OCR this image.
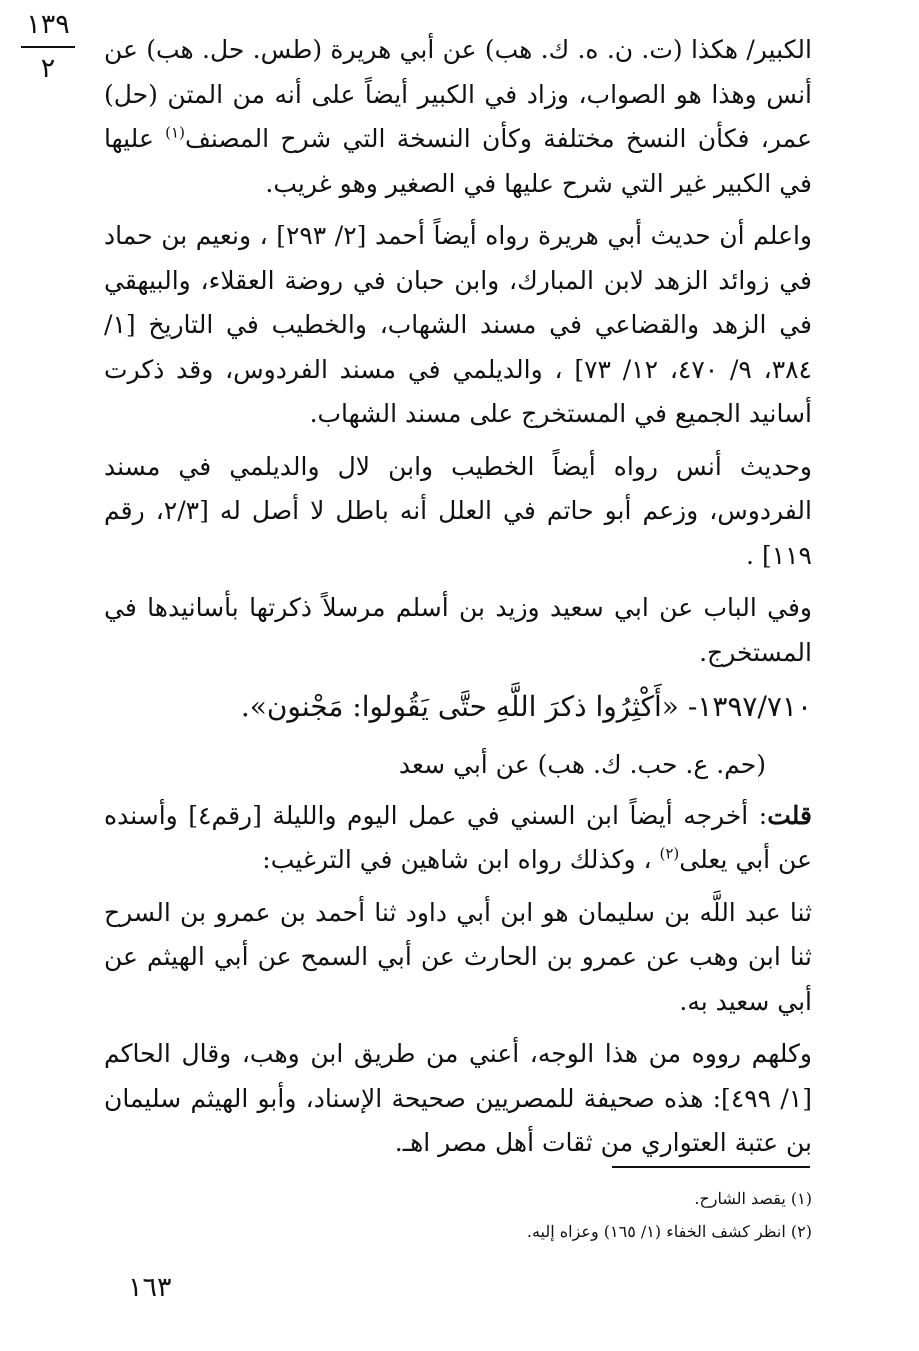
١٣٩
٢

الكبير/ هكذا (ت. ن. ه. ك. هب) عن أبي هريرة (طس. حل. هب) عن أنس وهذا هو الصواب، وزاد في الكبير أيضاً على أنه من المتن (حل) عمر، فكأن النسخ مختلفة وكأن النسخة التي شرح المصنف$^{(١)}$ عليها في الكبير غير التي شرح عليها في الصغير وهو غريب.

واعلم أن حديث أبي هريرة رواه أيضاً أحمد [٢/ ٢٩٣] ، ونعيم بن حماد في زوائد الزهد لابن المبارك، وابن حبان في روضة العقلاء، والبيهقي في الزهد والقضاعي في مسند الشهاب، والخطيب في التاريخ [١/ ٣٨٤، ٩/ ٤٧٠، ١٢/ ٧٣] ، والديلمي في مسند الفردوس، وقد ذكرت أسانيد الجميع في المستخرج على مسند الشهاب.

وحديث أنس رواه أيضاً الخطيب وابن لال والديلمي في مسند الفردوس، وزعم أبو حاتم في العلل أنه باطل لا أصل له [٢/٣، رقم ١١٩] .

وفي الباب عن ابي سعيد وزيد بن أسلم مرسلاً ذكرتها بأسانيدها في المستخرج.

١٣٩٧/٧١٠- «أَكْثِرُوا ذكرَ اللَّهِ حتَّى يَقُولوا: مَجْنون».

(حم. ع. حب. ك. هب) عن أبي سعد

قلت: أخرجه أيضاً ابن السني في عمل اليوم والليلة [رقم٤] وأسنده عن أبي يعلى$^{(٢)}$ ، وكذلك رواه ابن شاهين في الترغيب:

ثنا عبد اللَّه بن سليمان هو ابن أبي داود ثنا أحمد بن عمرو بن السرح ثنا ابن وهب عن عمرو بن الحارث عن أبي السمح عن أبي الهيثم عن أبي سعيد به.

وكلهم رووه من هذا الوجه، أعني من طريق ابن وهب، وقال الحاكم [١/ ٤٩٩]: هذه صحيفة للمصريين صحيحة الإسناد، وأبو الهيثم سليمان بن عتبة العتواري من ثقات أهل مصر اهـ.

(١) يقصد الشارح.
(٢) انظر كشف الخفاء (١/ ١٦٥) وعزاه إليه.
١٦٣
